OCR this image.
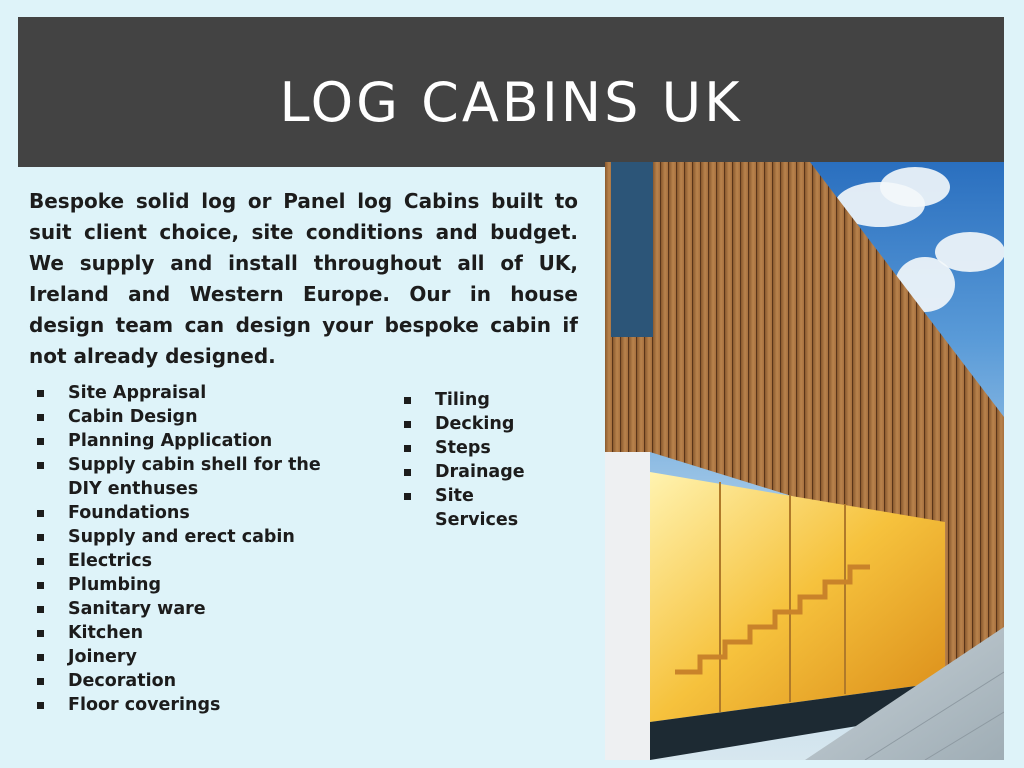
LOG CABINS UK

Bespoke solid log or Panel log Cabins built to suit client choice, site conditions and budget. We supply and install throughout all of UK, Ireland and Western Europe. Our in house design team can design your bespoke cabin if not already designed.

Site Appraisal
Cabin Design
Planning Application
Supply cabin shell for the DIY enthuses
Foundations
Supply and erect cabin
Electrics
Plumbing
Sanitary ware
Kitchen
Joinery
Decoration
Floor coverings
Tiling
Decking
Steps
Drainage
Site Services
